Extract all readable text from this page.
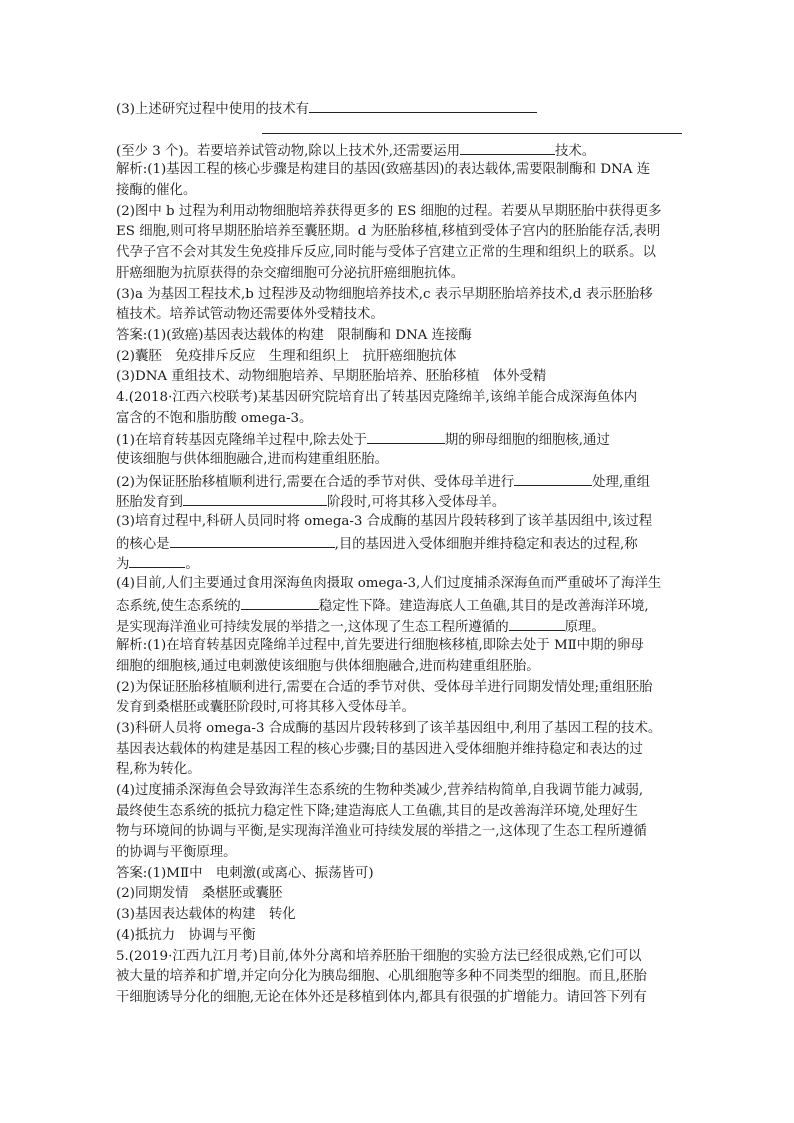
(3)上述研究过程中使用的技术有
(至少 3 个)。若要培养试管动物,除以上技术外,还需要运用	技术。
解析:(1)基因工程的核心步骤是构建目的基因(致癌基因)的表达载体,需要限制酶和 DNA 连
接酶的催化。
(2)图中 b 过程为利用动物细胞培养获得更多的 ES 细胞的过程。若要从早期胚胎中获得更多
ES 细胞,则可将早期胚胎培养至囊胚期。d 为胚胎移植,移植到受体子宫内的胚胎能存活,表明
代孕子宫不会对其发生免疫排斥反应,同时能与受体子宫建立正常的生理和组织上的联系。以
肝癌细胞为抗原获得的杂交瘤细胞可分泌抗肝癌细胞抗体。
(3)a 为基因工程技术,b 过程涉及动物细胞培养技术,c 表示早期胚胎培养技术,d 表示胚胎移
植技术。培养试管动物还需要体外受精技术。
答案:(1)(致癌)基因表达载体的构建　限制酶和 DNA 连接酶
(2)囊胚　免疫排斥反应　生理和组织上　抗肝癌细胞抗体
(3)DNA 重组技术、动物细胞培养、早期胚胎培养、胚胎移植　体外受精
4.(2018·江西六校联考)某基因研究院培育出了转基因克隆绵羊,该绵羊能合成深海鱼体内
富含的不饱和脂肪酸 omega-3。
(1)在培育转基因克隆绵羊过程中,除去处于	期的卵母细胞的细胞核,通过
使该细胞与供体细胞融合,进而构建重组胚胎。
(2)为保证胚胎移植顺利进行,需要在合适的季节对供、受体母羊进行	处理,重组
胚胎发育到	阶段时,可将其移入受体母羊。
(3)培育过程中,科研人员同时将 omega-3 合成酶的基因片段转移到了该羊基因组中,该过程
的核心是	,目的基因进入受体细胞并维持稳定和表达的过程,称
为	。
(4)目前,人们主要通过食用深海鱼肉摄取 omega-3,人们过度捕杀深海鱼而严重破坏了海洋生
态系统,使生态系统的	稳定性下降。建造海底人工鱼礁,其目的是改善海洋环境,
是实现海洋渔业可持续发展的举措之一,这体现了生态工程所遵循的	原理。
解析:(1)在培育转基因克隆绵羊过程中,首先要进行细胞核移植,即除去处于 MⅡ中期的卵母
细胞的细胞核,通过电刺激使该细胞与供体细胞融合,进而构建重组胚胎。
(2)为保证胚胎移植顺利进行,需要在合适的季节对供、受体母羊进行同期发情处理;重组胚胎
发育到桑椹胚或囊胚阶段时,可将其移入受体母羊。
(3)科研人员将 omega-3 合成酶的基因片段转移到了该羊基因组中,利用了基因工程的技术。
基因表达载体的构建是基因工程的核心步骤;目的基因进入受体细胞并维持稳定和表达的过
程,称为转化。
(4)过度捕杀深海鱼会导致海洋生态系统的生物种类减少,营养结构简单,自我调节能力减弱,
最终使生态系统的抵抗力稳定性下降;建造海底人工鱼礁,其目的是改善海洋环境,处理好生
物与环境间的协调与平衡,是实现海洋渔业可持续发展的举措之一,这体现了生态工程所遵循
的协调与平衡原理。
答案:(1)MⅡ中　电刺激(或离心、振荡皆可)
(2)同期发情　桑椹胚或囊胚
(3)基因表达载体的构建　转化
(4)抵抗力　协调与平衡
5.(2019·江西九江月考)目前,体外分离和培养胚胎干细胞的实验方法已经很成熟,它们可以
被大量的培养和扩增,并定向分化为胰岛细胞、心肌细胞等多种不同类型的细胞。而且,胚胎
干细胞诱导分化的细胞,无论在体外还是移植到体内,都具有很强的扩增能力。请回答下列有
